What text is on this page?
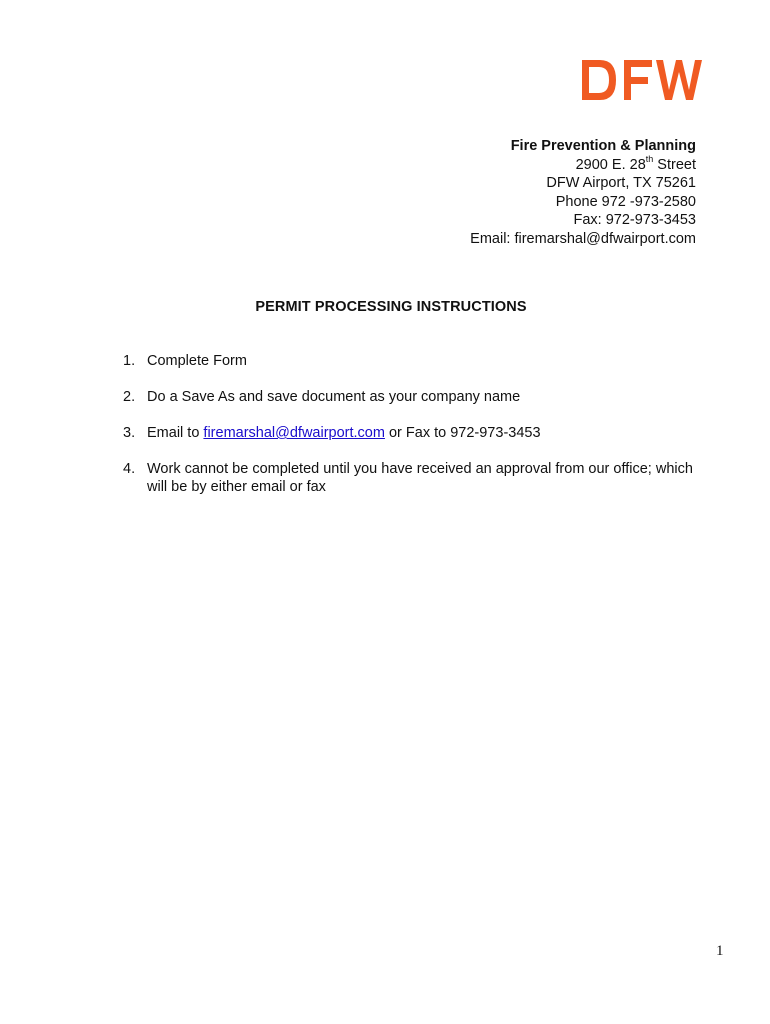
Fire Prevention & Planning
2900 E. 28th Street
DFW Airport, TX 75261
Phone 972 -973-2580
Fax: 972-973-3453
Email: firemarshal@dfwairport.com
PERMIT PROCESSING INSTRUCTIONS
1. Complete Form
2. Do a Save As and save document as your company name
3. Email to firemarshal@dfwairport.com or Fax to 972-973-3453
4. Work cannot be completed until you have received an approval from our office; which
will be by either email or fax
1
